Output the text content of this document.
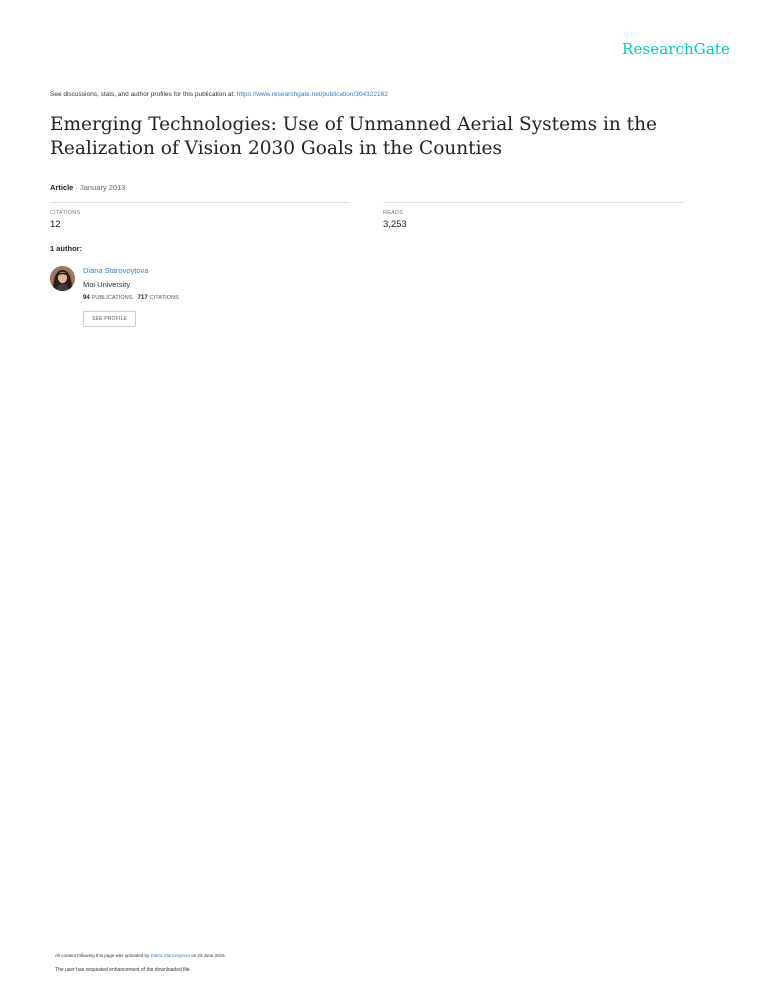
ResearchGate
See discussions, stats, and author profiles for this publication at: https://www.researchgate.net/publication/304322162
Emerging Technologies: Use of Unmanned Aerial Systems in the Realization of Vision 2030 Goals in the Counties
Article · January 2013
CITATIONS
12
READS
3,253
1 author:
Diana Starovoytova
Moi University
94 PUBLICATIONS 717 CITATIONS
SEE PROFILE
All content following this page was uploaded by Diana Starovoytova on 23 June 2016.
The user has requested enhancement of the downloaded file.
